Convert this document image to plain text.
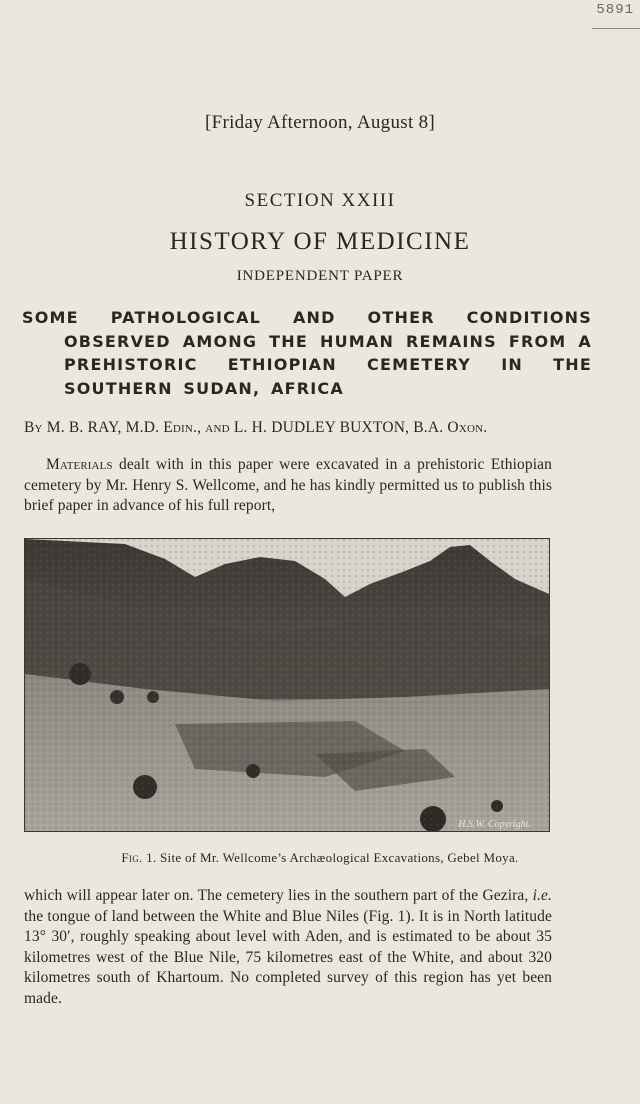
5891
[Friday Afternoon, August 8]
SECTION XXIII
HISTORY OF MEDICINE
INDEPENDENT PAPER
SOME PATHOLOGICAL AND OTHER CONDITIONS OBSERVED AMONG THE HUMAN REMAINS FROM A PREHISTORIC ETHIOPIAN CEMETERY IN THE SOUTHERN SUDAN, AFRICA
By M. B. RAY, M.D. Edin., and L. H. DUDLEY BUXTON, B.A. Oxon.
Materials dealt with in this paper were excavated in a prehistoric Ethiopian cemetery by Mr. Henry S. Wellcome, and he has kindly permitted us to publish this brief paper in advance of his full report,
H.S.W. Copyright.
Fig. 1. Site of Mr. Wellcome’s Archæological Excavations, Gebel Moya.
which will appear later on. The cemetery lies in the southern part of the Gezira, i.e. the tongue of land between the White and Blue Niles (Fig. 1). It is in North latitude 13° 30′, roughly speaking about level with Aden, and is estimated to be about 35 kilometres west of the Blue Nile, 75 kilometres east of the White, and about 320 kilometres south of Khartoum. No completed survey of this region has yet been made.
